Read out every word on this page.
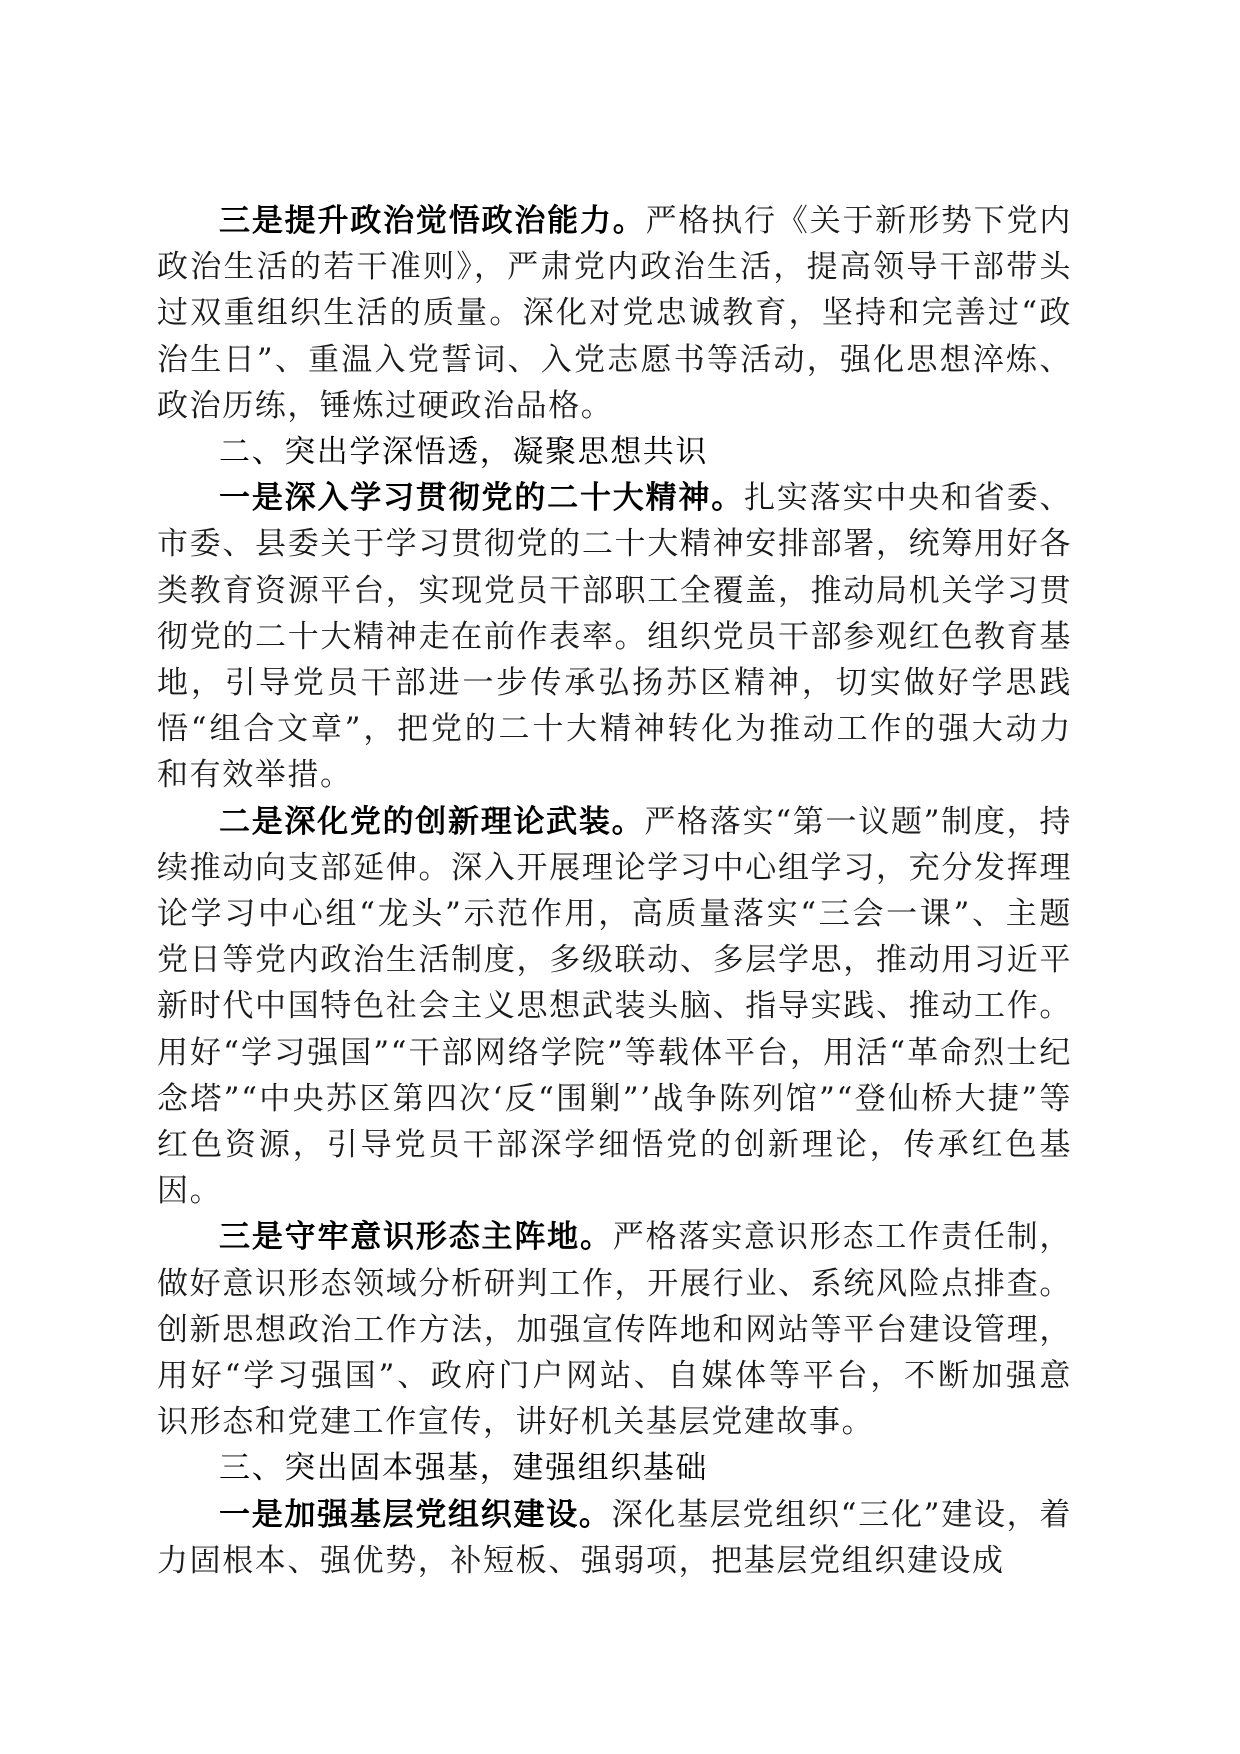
三是提升政治觉悟政治能力。严格执行《关于新形势下党内政治生活的若干准则》，严肃党内政治生活，提高领导干部带头过双重组织生活的质量。深化对党忠诚教育，坚持和完善过“政治生日”、重温入党誓词、入党志愿书等活动，强化思想淬炼、政治历练，锤炼过硬政治品格。

二、突出学深悟透，凝聚思想共识

一是深入学习贯彻党的二十大精神。扎实落实中央和省委、市委、县委关于学习贯彻党的二十大精神安排部署，统筹用好各类教育资源平台，实现党员干部职工全覆盖，推动局机关学习贯彻党的二十大精神走在前作表率。组织党员干部参观红色教育基地，引导党员干部进一步传承弘扬苏区精神，切实做好学思践悟“组合文章”，把党的二十大精神转化为推动工作的强大动力和有效举措。

二是深化党的创新理论武装。严格落实“第一议题”制度，持续推动向支部延伸。深入开展理论学习中心组学习，充分发挥理论学习中心组“龙头”示范作用，高质量落实“三会一课”、主题党日等党内政治生活制度，多级联动、多层学思，推动用习近平新时代中国特色社会主义思想武装头脑、指导实践、推动工作。用好“学习强国”“干部网络学院”等载体平台，用活“革命烈士纪念塔”“中央苏区第四次‘反“围剿”’战争陈列馆”“登仙桥大捷”等红色资源，引导党员干部深学细悟党的创新理论，传承红色基因。

三是守牢意识形态主阵地。严格落实意识形态工作责任制，做好意识形态领域分析研判工作，开展行业、系统风险点排查。创新思想政治工作方法，加强宣传阵地和网站等平台建设管理，用好“学习强国”、政府门户网站、自媒体等平台，不断加强意识形态和党建工作宣传，讲好机关基层党建故事。

三、突出固本强基，建强组织基础

一是加强基层党组织建设。深化基层党组织“三化”建设，着力固根本、强优势，补短板、强弱项，把基层党组织建设成
